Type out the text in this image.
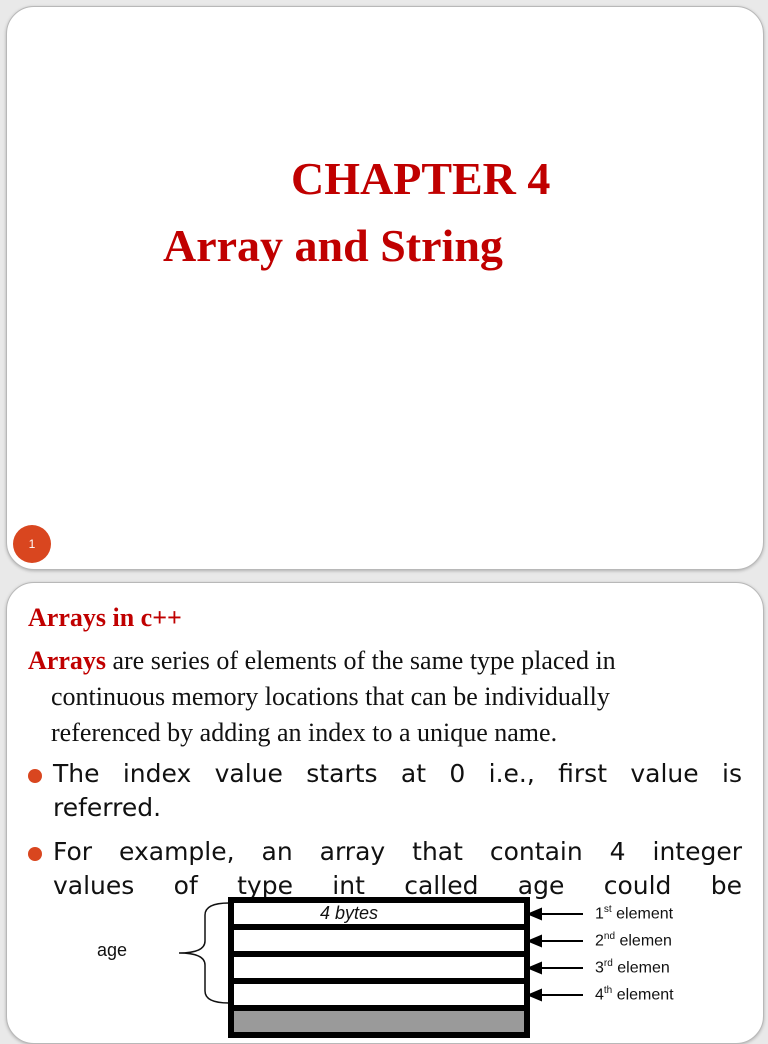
CHAPTER 4
Array and String
1
Arrays in c++
Arrays are series of elements of the same type placed in
continuous memory locations that can be individually
referenced by adding an index to a unique name.
The index value starts at 0 i.e., first value is
referred.
For example, an array that contain 4 integer
values of type int called age could be
age
4 bytes	1st element
2nd elemen
3rd elemen
4th element
